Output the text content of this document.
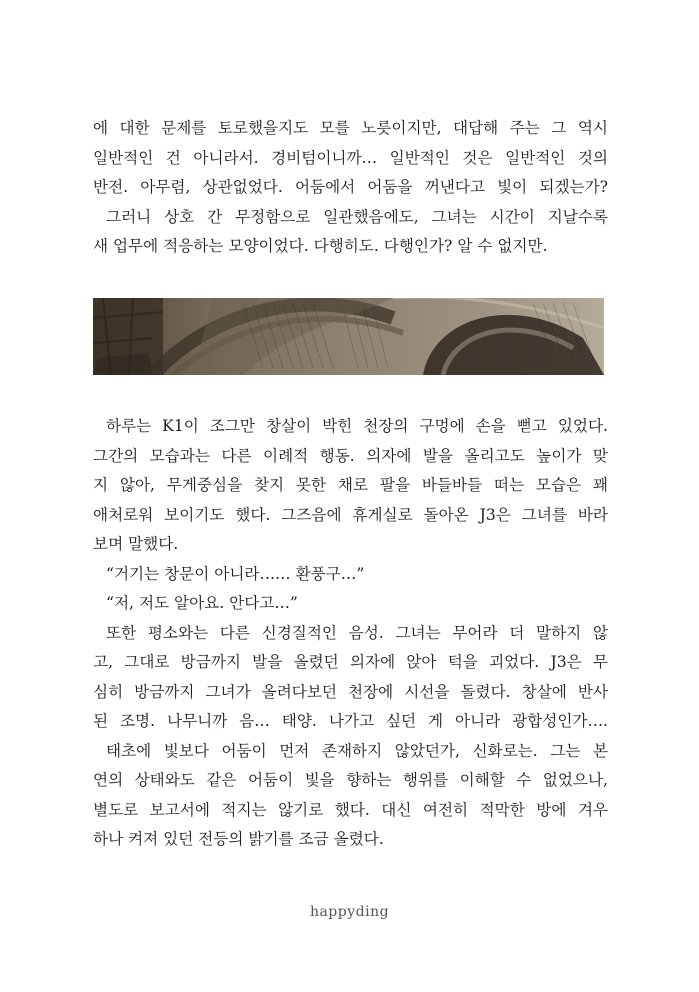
에 대한 문제를 토로했을지도 모를 노릇이지만, 대답해 주는 그 역시
일반적인 건 아니라서. 경비텀이니까… 일반적인 것은 일반적인 것의
반전. 아무렴, 상관없었다. 어둠에서 어둠을 꺼낸다고 빛이 되겠는가?
그러니 상호 간 무정함으로 일관했음에도, 그녀는 시간이 지날수록
새 업무에 적응하는 모양이었다. 다행히도. 다행인가? 알 수 없지만.
하루는 K1이 조그만 창살이 박힌 천장의 구멍에 손을 뻗고 있었다.
그간의 모습과는 다른 이례적 행동. 의자에 발을 올리고도 높이가 맞
지 않아, 무게중심을 찾지 못한 채로 팔을 바들바들 떠는 모습은 꽤
애처로워 보이기도 했다. 그즈음에 휴게실로 돌아온 J3은 그녀를 바라
보며 말했다.
“거기는 창문이 아니라…… 환풍구…”
“저, 저도 알아요. 안다고…”
또한 평소와는 다른 신경질적인 음성. 그녀는 무어라 더 말하지 않
고, 그대로 방금까지 발을 올렸던 의자에 앉아 턱을 괴었다. J3은 무
심히 방금까지 그녀가 올려다보던 천장에 시선을 돌렸다. 창살에 반사
된 조명. 나무니까 음… 태양. 나가고 싶던 게 아니라 광합성인가….
태초에 빛보다 어둠이 먼저 존재하지 않았던가, 신화로는. 그는 본
연의 상태와도 같은 어둠이 빛을 향하는 행위를 이해할 수 없었으나,
별도로 보고서에 적지는 않기로 했다. 대신 여전히 적막한 방에 겨우
하나 켜져 있던 전등의 밝기를 조금 올렸다.
happyding
